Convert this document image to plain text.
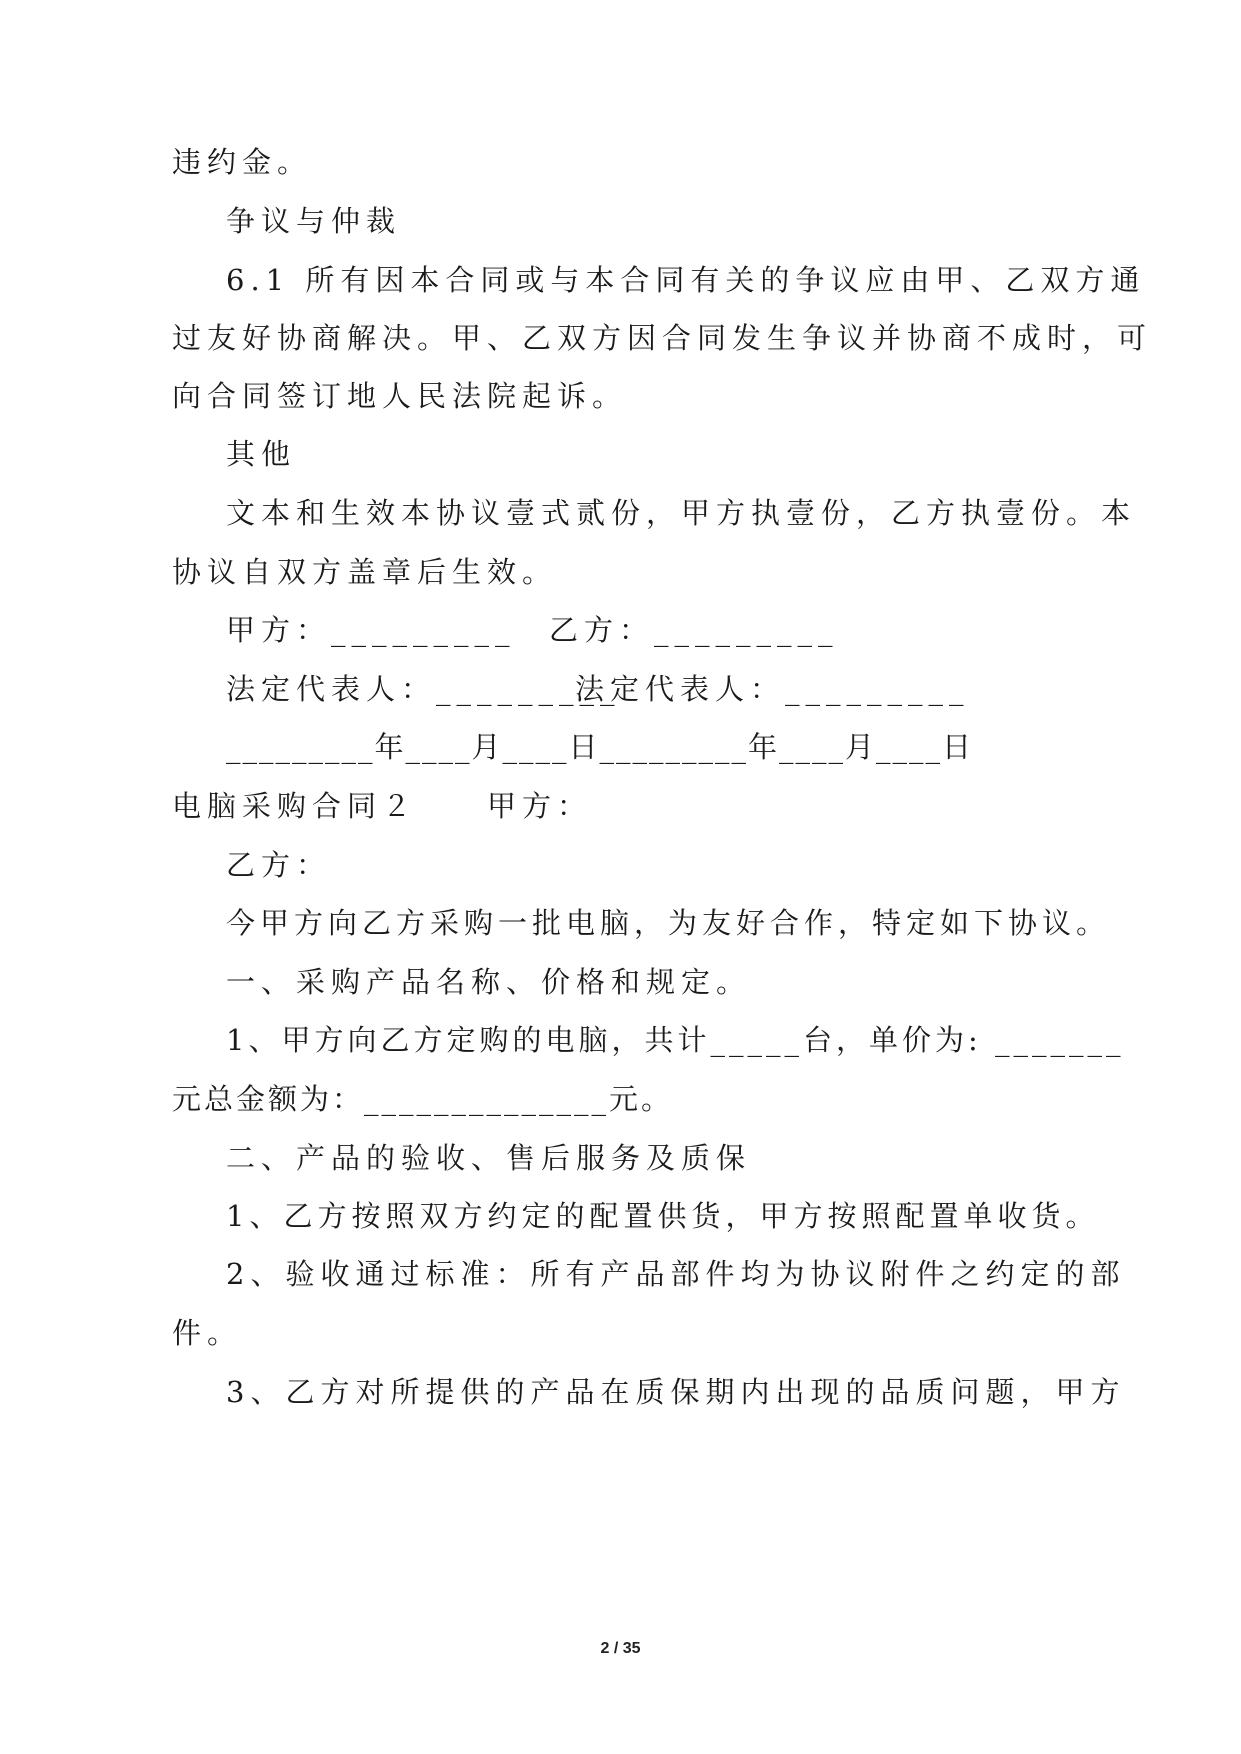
违约金。
争议与仲裁
6.1 所有因本合同或与本合同有关的争议应由甲、乙双方通
过友好协商解决。甲、乙双方因合同发生争议并协商不成时，可
向合同签订地人民法院起诉。
其他
文本和生效本协议壹式贰份，甲方执壹份，乙方执壹份。本
协议自双方盖章后生效。
甲方：_________ 乙方：_________
法定代表人：_________
法定代表人：_________
_________年____月____日_________年____月____日
电脑采购合同２　　甲方：
乙方：
今甲方向乙方采购一批电脑，为友好合作，特定如下协议。
一、采购产品名称、价格和规定。
1、甲方向乙方定购的电脑，共计_____台，单价为: _______
元总金额为：______________元。
二、产品的验收、售后服务及质保
1、乙方按照双方约定的配置供货，甲方按照配置单收货。
2、验收通过标准：所有产品部件均为协议附件之约定的部
件。
3、乙方对所提供的产品在质保期内出现的品质问题，甲方
2 / 35
